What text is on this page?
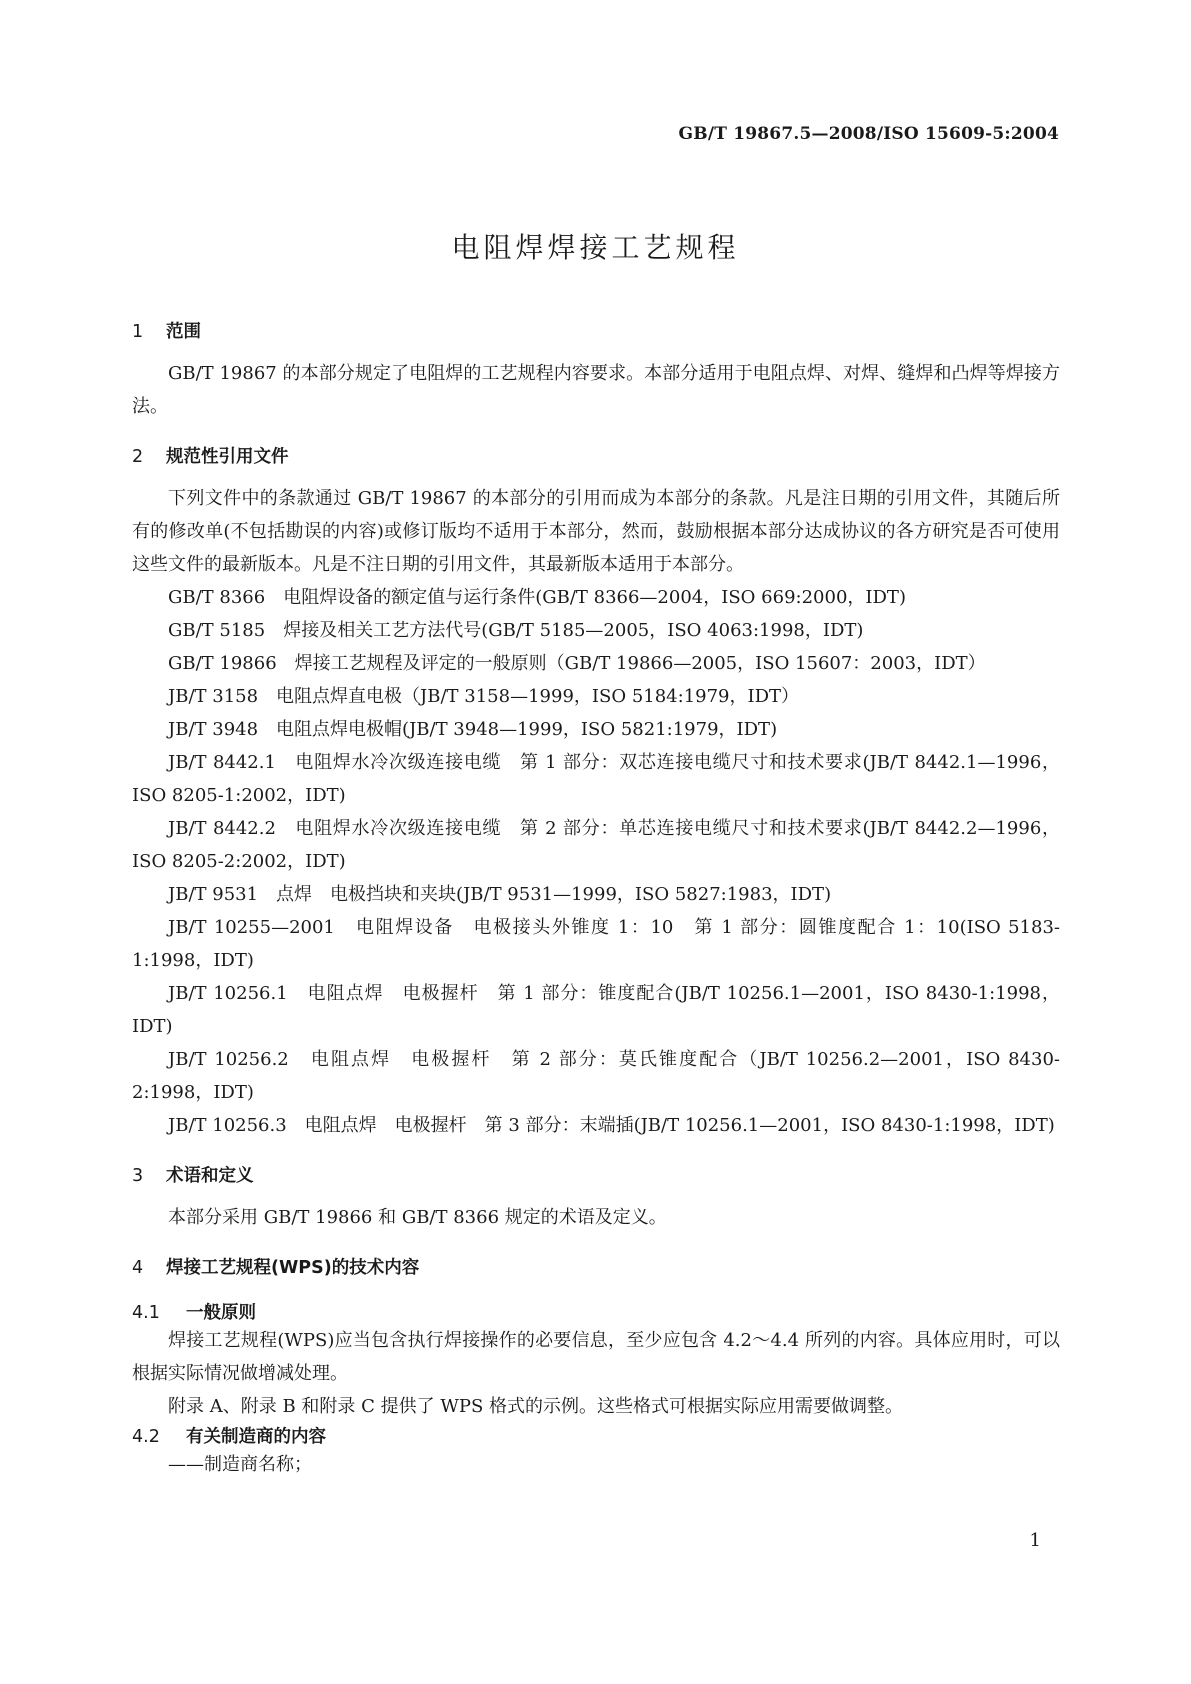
GB/T 19867.5—2008/ISO 15609-5:2004
电阻焊焊接工艺规程
1 范围

GB/T 19867 的本部分规定了电阻焊的工艺规程内容要求。本部分适用于电阻点焊、对焊、缝焊和凸焊等焊接方法。

2 规范性引用文件

下列文件中的条款通过 GB/T 19867 的本部分的引用而成为本部分的条款。凡是注日期的引用文件，其随后所有的修改单(不包括勘误的内容)或修订版均不适用于本部分，然而，鼓励根据本部分达成协议的各方研究是否可使用这些文件的最新版本。凡是不注日期的引用文件，其最新版本适用于本部分。

GB/T 8366　电阻焊设备的额定值与运行条件(GB/T 8366—2004，ISO 669:2000，IDT)

GB/T 5185　焊接及相关工艺方法代号(GB/T 5185—2005，ISO 4063:1998，IDT)

GB/T 19866　焊接工艺规程及评定的一般原则（GB/T 19866—2005，ISO 15607：2003，IDT）

JB/T 3158　电阻点焊直电极（JB/T 3158—1999，ISO 5184:1979，IDT）

JB/T 3948　电阻点焊电极帽(JB/T 3948—1999，ISO 5821:1979，IDT)

JB/T 8442.1　电阻焊水冷次级连接电缆　第 1 部分：双芯连接电缆尺寸和技术要求(JB/T 8442.1—1996，ISO 8205-1:2002，IDT)

JB/T 8442.2　电阻焊水冷次级连接电缆　第 2 部分：单芯连接电缆尺寸和技术要求(JB/T 8442.2—1996，ISO 8205-2:2002，IDT)

JB/T 9531　点焊　电极挡块和夹块(JB/T 9531—1999，ISO 5827:1983，IDT)

JB/T 10255—2001　电阻焊设备　电极接头外锥度 1：10　第 1 部分：圆锥度配合 1：10(ISO 5183-1:1998，IDT)

JB/T 10256.1　电阻点焊　电极握杆　第 1 部分：锥度配合(JB/T 10256.1—2001，ISO 8430-1:1998，IDT)

JB/T 10256.2　电阻点焊　电极握杆　第 2 部分：莫氏锥度配合（JB/T 10256.2—2001，ISO 8430-2:1998，IDT)

JB/T 10256.3　电阻点焊　电极握杆　第 3 部分：末端插(JB/T 10256.1—2001，ISO 8430-1:1998，IDT)

3 术语和定义

本部分采用 GB/T 19866 和 GB/T 8366 规定的术语及定义。

4 焊接工艺规程(WPS)的技术内容
4.1 一般原则

焊接工艺规程(WPS)应当包含执行焊接操作的必要信息，至少应包含 4.2～4.4 所列的内容。具体应用时，可以根据实际情况做增减处理。

附录 A、附录 B 和附录 C 提供了 WPS 格式的示例。这些格式可根据实际应用需要做调整。

4.2 有关制造商的内容

——制造商名称；

1
